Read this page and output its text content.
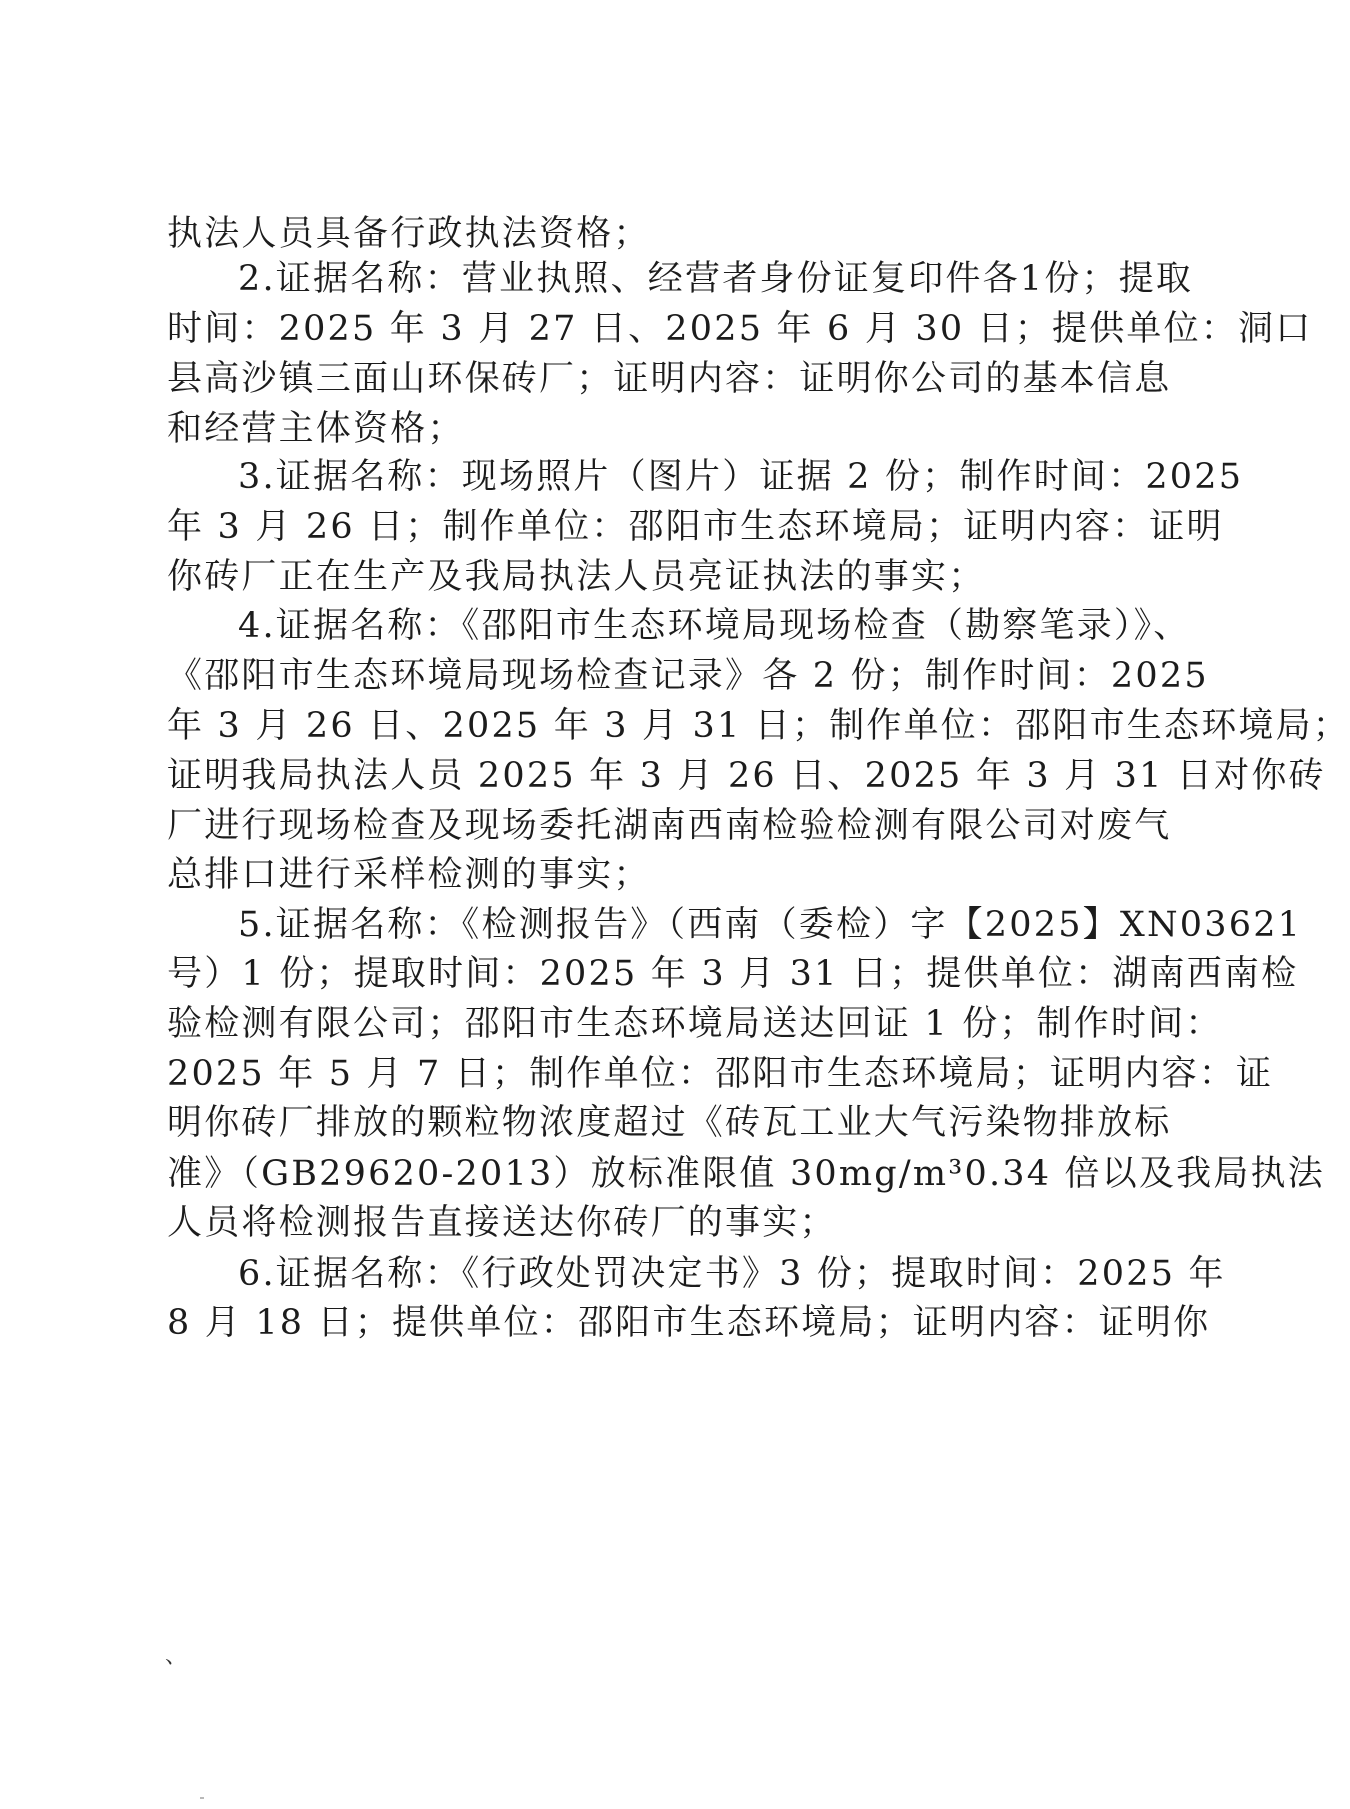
执法人员具备行政执法资格；
2.证据名称：营业执照、经营者身份证复印件各1份；提取
时间：2025 年 3 月 27 日、2025 年 6 月 30 日；提供单位：洞口
县高沙镇三面山环保砖厂；证明内容：证明你公司的基本信息
和经营主体资格；
3.证据名称：现场照片（图片）证据 2 份；制作时间：2025
年 3 月 26 日；制作单位：邵阳市生态环境局；证明内容：证明
你砖厂正在生产及我局执法人员亮证执法的事实；
4.证据名称：《邵阳市生态环境局现场检查（勘察笔录）》、
《邵阳市生态环境局现场检查记录》各 2 份；制作时间：2025
年 3 月 26 日、2025 年 3 月 31 日；制作单位：邵阳市生态环境局；
证明我局执法人员 2025 年 3 月 26 日、2025 年 3 月 31 日对你砖
厂进行现场检查及现场委托湖南西南检验检测有限公司对废气
总排口进行采样检测的事实；
5.证据名称：《检测报告》（西南（委检）字【2025】XN03621
号）1 份；提取时间：2025 年 3 月 31 日；提供单位：湖南西南检
验检测有限公司；邵阳市生态环境局送达回证 1 份；制作时间：
2025 年 5 月 7 日；制作单位：邵阳市生态环境局；证明内容：证
明你砖厂排放的颗粒物浓度超过《砖瓦工业大气污染物排放标
准》（GB29620-2013）放标准限值 30mg/m³0.34 倍以及我局执法
人员将检测报告直接送达你砖厂的事实；
6.证据名称：《行政处罚决定书》3 份；提取时间：2025 年
8 月 18 日；提供单位：邵阳市生态环境局；证明内容：证明你
、
